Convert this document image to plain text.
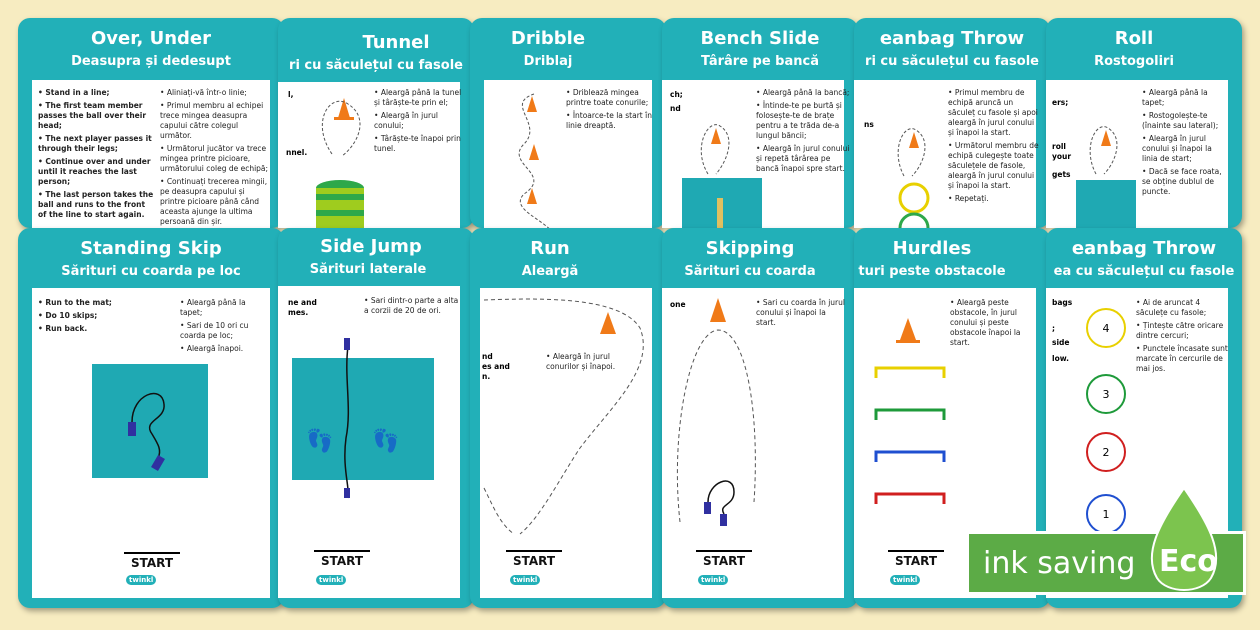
Over, Under
Deasupra și dedesupt
• Stand in a line;
• The first team member passes the ball over their head;
• The next player passes it through their legs;
• Continue over and under until it reaches the last person;
• The last person takes the ball and runs to the front of the line to start again.
• Aliniați-vă într-o linie;
• Primul membru al echipei trece mingea deasupra capului către colegul următor.
• Următorul jucător va trece mingea printre picioare, următorului coleg de echipă;
• Continuați trecerea mingii, pe deasupra capului și printre picioare până când aceasta ajunge la ultima persoană din șir.
•
Tunnel
ri cu săculețul cu fasole
l,
nnel.
• Aleargă până la tunel și târăște-te prin el;
• Aleargă în jurul conului;
• Târăște-te înapoi prin tunel.
Dribble
Driblaj
• Driblează mingea printre toate conurile;
• Întoarce-te la start în linie dreaptă.
Bench Slide
Târâre pe bancă
ch;
nd
• Aleargă până la bancă;
• Întinde-te pe burtă și folosește-te de brațe pentru a te trăda de-a lungul băncii;
• Aleargă în jurul conului și repetă târârea pe bancă înapoi spre start.
eanbag Throw
ri cu săculețul cu fasole
ns
• Primul membru de echipă aruncă un săculeț cu fasole și apoi aleargă în jurul conului și înapoi la start.
• Următorul membru de echipă culegește toate săculețele de fasole, aleargă în jurul conului și înapoi la start.
• Repetați.
Roll
Rostogoliri
ers;
roll
your
gets
• Aleargă până la tapet;
• Rostogolește-te (înainte sau lateral);
• Aleargă în jurul conului și înapoi la linia de start;
• Dacă se face roata, se obține dublul de puncte.
Standing Skip
Sărituri cu coarda pe loc
• Run to the mat;
• Do 10 skips;
• Run back.
• Aleargă până la tapet;
• Sari de 10 ori cu coarda pe loc;
• Aleargă înapoi.
START
twinkl
Side Jump
Sărituri laterale
ne and
mes.
• Sari dintr-o parte a alta a corzii de 20 de ori.
👣 👣
START
twinkl
Run
Aleargă
nd
es and
n.
• Aleargă în jurul conurilor și înapoi.
START
twinkl
Skipping
Sărituri cu coarda
one
•	Sari cu coarda în jurul conului și înapoi la start.
START
twinkl
Hurdles
turi peste obstacole
• Aleargă peste obstacole, în jurul conului și peste obstacole înapoi la start.
START
twinkl
eanbag Throw
ea cu săculețul cu fasole
bags
;
side
low.
• Ai de aruncat 4 săculețe cu fasole;
• Țintește către oricare dintre cercuri;
• Punctele încasate sunt marcate în cercurile de mai jos.
4
3
2
1
ink saving Eco
